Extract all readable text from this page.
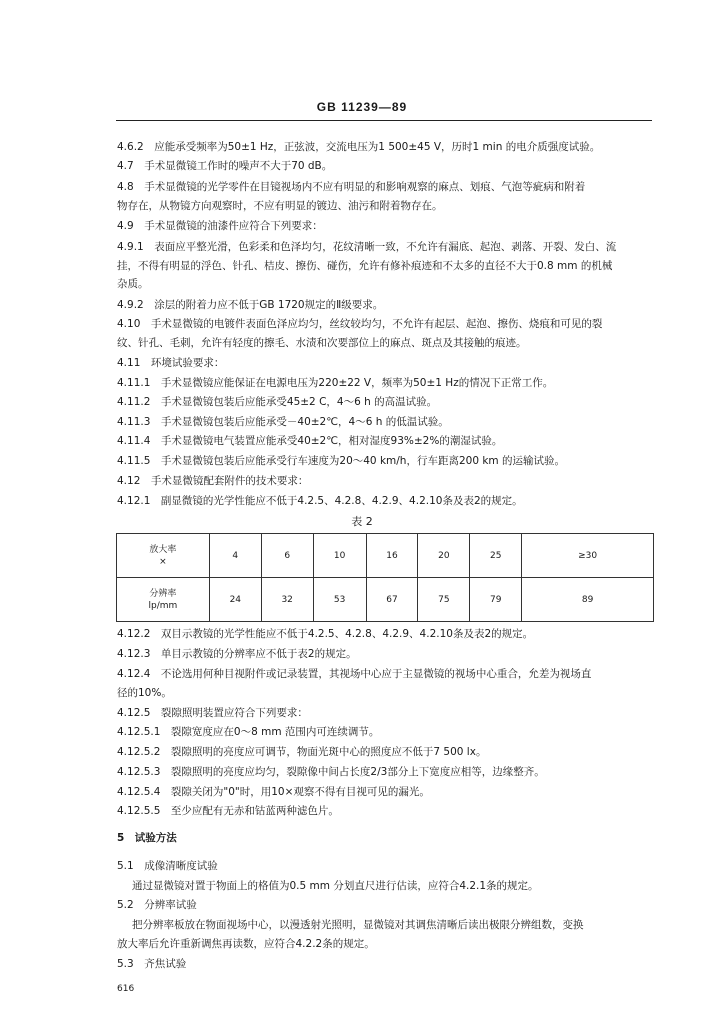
GB 11239—89
4.6.2　应能承受频率为50±1 Hz，正弦波，交流电压为1 500±45 V，历时1 min 的电介质强度试验。
4.7　手术显微镜工作时的噪声不大于70 dB。
4.8　手术显微镜的光学零件在目镜视场内不应有明显的和影响观察的麻点、划痕、气泡等疵病和附着
物存在，从物镜方向观察时，不应有明显的镀边、油污和附着物存在。
4.9　手术显微镜的油漆件应符合下列要求：
4.9.1　表面应平整光滑，色彩柔和色泽均匀，花纹清晰一致，不允许有漏底、起泡、剥落、开裂、发白、流
挂，不得有明显的浮色、针孔、桔皮、擦伤、碰伤，允许有修补痕迹和不太多的直径不大于0.8 mm 的机械
杂质。
4.9.2　涂层的附着力应不低于GB 1720规定的Ⅱ级要求。
4.10　手术显微镜的电镀件表面色泽应均匀，丝纹较均匀，不允许有起层、起泡、擦伤、烧痕和可见的裂
纹、针孔、毛刺，允许有轻度的擦毛、水渍和次要部位上的麻点、斑点及其接触的痕迹。
4.11　环境试验要求：
4.11.1　手术显微镜应能保证在电源电压为220±22 V，频率为50±1 Hz的情况下正常工作。
4.11.2　手术显微镜包装后应能承受45±2 C，4～6 h 的高温试验。
4.11.3　手术显微镜包装后应能承受－40±2℃，4～6 h 的低温试验。
4.11.4　手术显微镜电气装置应能承受40±2℃，相对湿度93%±2%的潮湿试验。
4.11.5　手术显微镜包装后应能承受行车速度为20～40 km/h，行车距离200 km 的运输试验。
4.12　手术显微镜配套附件的技术要求：
4.12.1　副显微镜的光学性能应不低于4.2.5、4.2.8、4.2.9、4.2.10条及表2的规定。
表 2
放大率
×	4	6	10	16	20	25	≥30

分辨率
lp/mm	24	32	53	67	75	79	89
4.12.2　双目示教镜的光学性能应不低于4.2.5、4.2.8、4.2.9、4.2.10条及表2的规定。
4.12.3　单目示教镜的分辨率应不低于表2的规定。
4.12.4　不论选用何种目视附件或记录装置，其视场中心应于主显微镜的视场中心重合，允差为视场直
径的10%。
4.12.5　裂隙照明装置应符合下列要求：
4.12.5.1　裂隙宽度应在0～8 mm 范围内可连续调节。
4.12.5.2　裂隙照明的亮度应可调节，物面光斑中心的照度应不低于7 500 lx。
4.12.5.3　裂隙照明的亮度应均匀，裂隙像中间占长度2/3部分上下宽度应相等，边缘整齐。
4.12.5.4　裂隙关闭为"0"时，用10×观察不得有目视可见的漏光。
4.12.5.5　至少应配有无赤和钴蓝两种滤色片。
5　试验方法
5.1　成像清晰度试验
通过显微镜对置于物面上的格值为0.5 mm 分划直尺进行估读，应符合4.2.1条的规定。
5.2　分辨率试验
把分辨率板放在物面视场中心，以漫透射光照明，显微镜对其调焦清晰后读出极限分辨组数，变换
放大率后允许重新调焦再读数，应符合4.2.2条的规定。
5.3　齐焦试验
616
